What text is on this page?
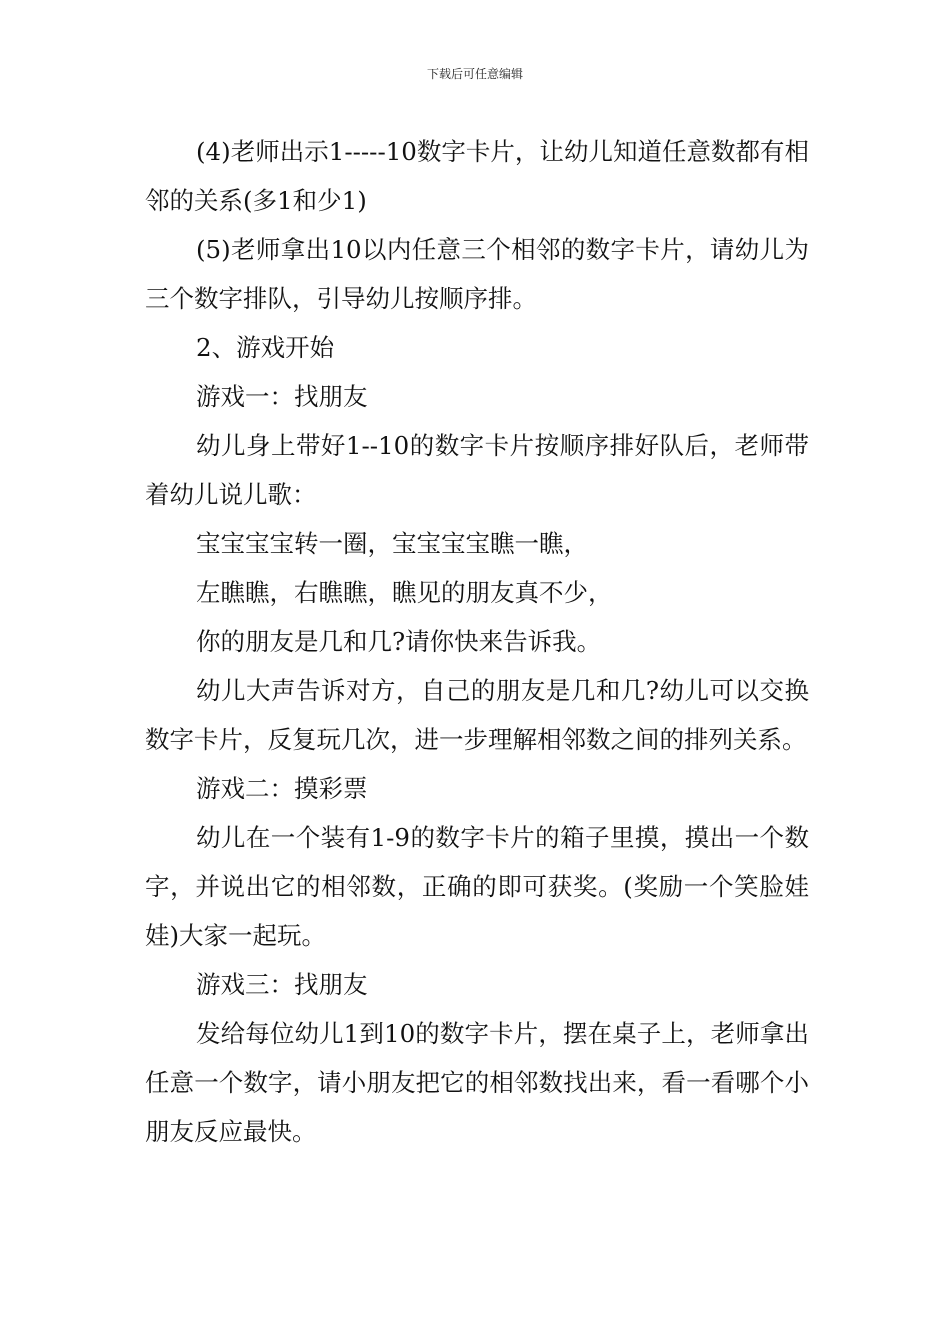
下载后可任意编辑

(4)老师出示1-----10数字卡片，让幼儿知道任意数都有相邻的关系(多1和少1)

(5)老师拿出10以内任意三个相邻的数字卡片，请幼儿为三个数字排队，引导幼儿按顺序排。

2、游戏开始

游戏一：找朋友

幼儿身上带好1--10的数字卡片按顺序排好队后，老师带着幼儿说儿歌：

宝宝宝宝转一圈，宝宝宝宝瞧一瞧，

左瞧瞧，右瞧瞧，瞧见的朋友真不少，

你的朋友是几和几?请你快来告诉我。

幼儿大声告诉对方，自己的朋友是几和几?幼儿可以交换数字卡片，反复玩几次，进一步理解相邻数之间的排列关系。

游戏二：摸彩票

幼儿在一个装有1-9的数字卡片的箱子里摸，摸出一个数字，并说出它的相邻数，正确的即可获奖。(奖励一个笑脸娃娃)大家一起玩。

游戏三：找朋友

发给每位幼儿1到10的数字卡片，摆在桌子上，老师拿出任意一个数字，请小朋友把它的相邻数找出来，看一看哪个小朋友反应最快。
